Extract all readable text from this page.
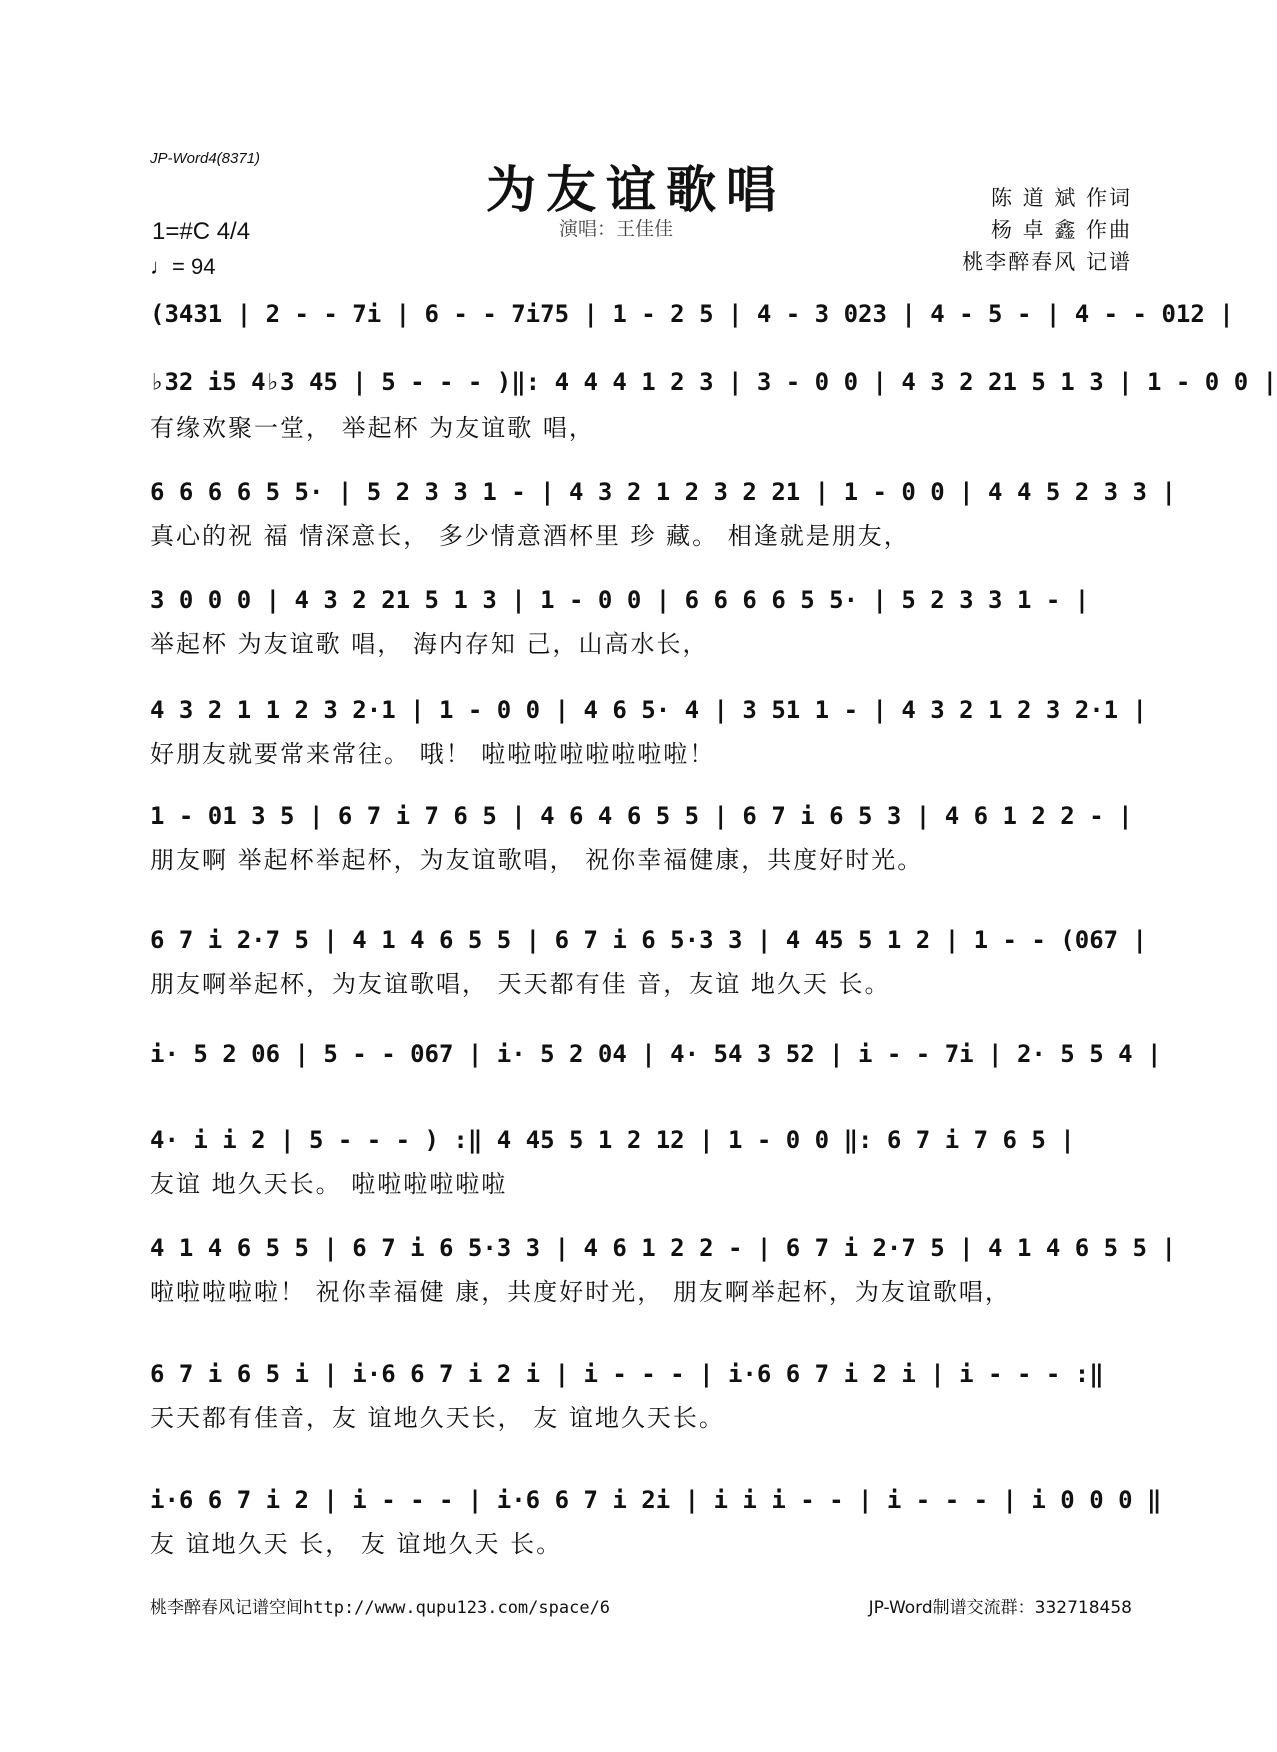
JP-Word4(8371)
为友谊歌唱
演唱：王佳佳
陈 道 斌 作词
杨 卓 鑫 作曲
桃李醉春风 记谱
1=#C 4/4
♩= 94
(3431 | 2 - - 7i | 6 - - 7i75 | 1 - 2 5 | 4 - 3 023 | 4 - 5 - | 4 - - 012 |
♭32 i5 4♭3 45 | 5 - - - )‖: 4 4 4 1 2 3 | 3 - 0 0 | 4 3 2 21 5 1 3 | 1 - 0 0 |
有缘欢聚一堂， 举起杯 为友谊歌 唱，
6 6 6 6 5 5· | 5 2 3 3 1 - | 4 3 2 1 2 3 2 21 | 1 - 0 0 | 4 4 5 2 3 3 |
真心的祝 福 情深意长， 多少情意酒杯里 珍 藏。 相逢就是朋友，
3 0 0 0 | 4 3 2 21 5 1 3 | 1 - 0 0 | 6 6 6 6 5 5· | 5 2 3 3 1 - |
举起杯 为友谊歌 唱， 海内存知 己，山高水长，
4 3 2 1 1 2 3 2·1 | 1 - 0 0 | 4 6 5· 4 | 3 51 1 - | 4 3 2 1 2 3 2·1 |
好朋友就要常来常往。 哦！ 啦啦啦啦啦啦啦啦！
1 - 01 3 5 | 6 7 i 7 6 5 | 4 6 4 6 5 5 | 6 7 i 6 5 3 | 4 6 1 2 2 - |
朋友啊 举起杯举起杯，为友谊歌唱， 祝你幸福健康，共度好时光。
6 7 i 2·7 5 | 4 1 4 6 5 5 | 6 7 i 6 5·3 3 | 4 45 5 1 2 | 1 - - (067 |
朋友啊举起杯，为友谊歌唱， 天天都有佳 音，友谊 地久天 长。
i· 5 2 06 | 5 - - 067 | i· 5 2 04 | 4· 54 3 52 | i - - 7i | 2· 5 5 4 |
4· i i 2 | 5 - - - ) :‖ 4 45 5 1 2 12 | 1 - 0 0 ‖: 6 7 i 7 6 5 |
友谊 地久天长。 啦啦啦啦啦啦
4 1 4 6 5 5 | 6 7 i 6 5·3 3 | 4 6 1 2 2 - | 6 7 i 2·7 5 | 4 1 4 6 5 5 |
啦啦啦啦啦！ 祝你幸福健 康，共度好时光， 朋友啊举起杯，为友谊歌唱，
6 7 i 6 5 i | i·6 6 7 i 2 i | i - - - | i·6 6 7 i 2 i | i - - - :‖
天天都有佳音，友 谊地久天长， 友 谊地久天长。
i·6 6 7 i 2 | i - - - | i·6 6 7 i 2i | i i i - - | i - - - | i 0 0 0 ‖
友 谊地久天 长， 友 谊地久天 长。
桃李醉春风记谱空间http://www.qupu123.com/space/6	JP-Word制谱交流群：332718458
